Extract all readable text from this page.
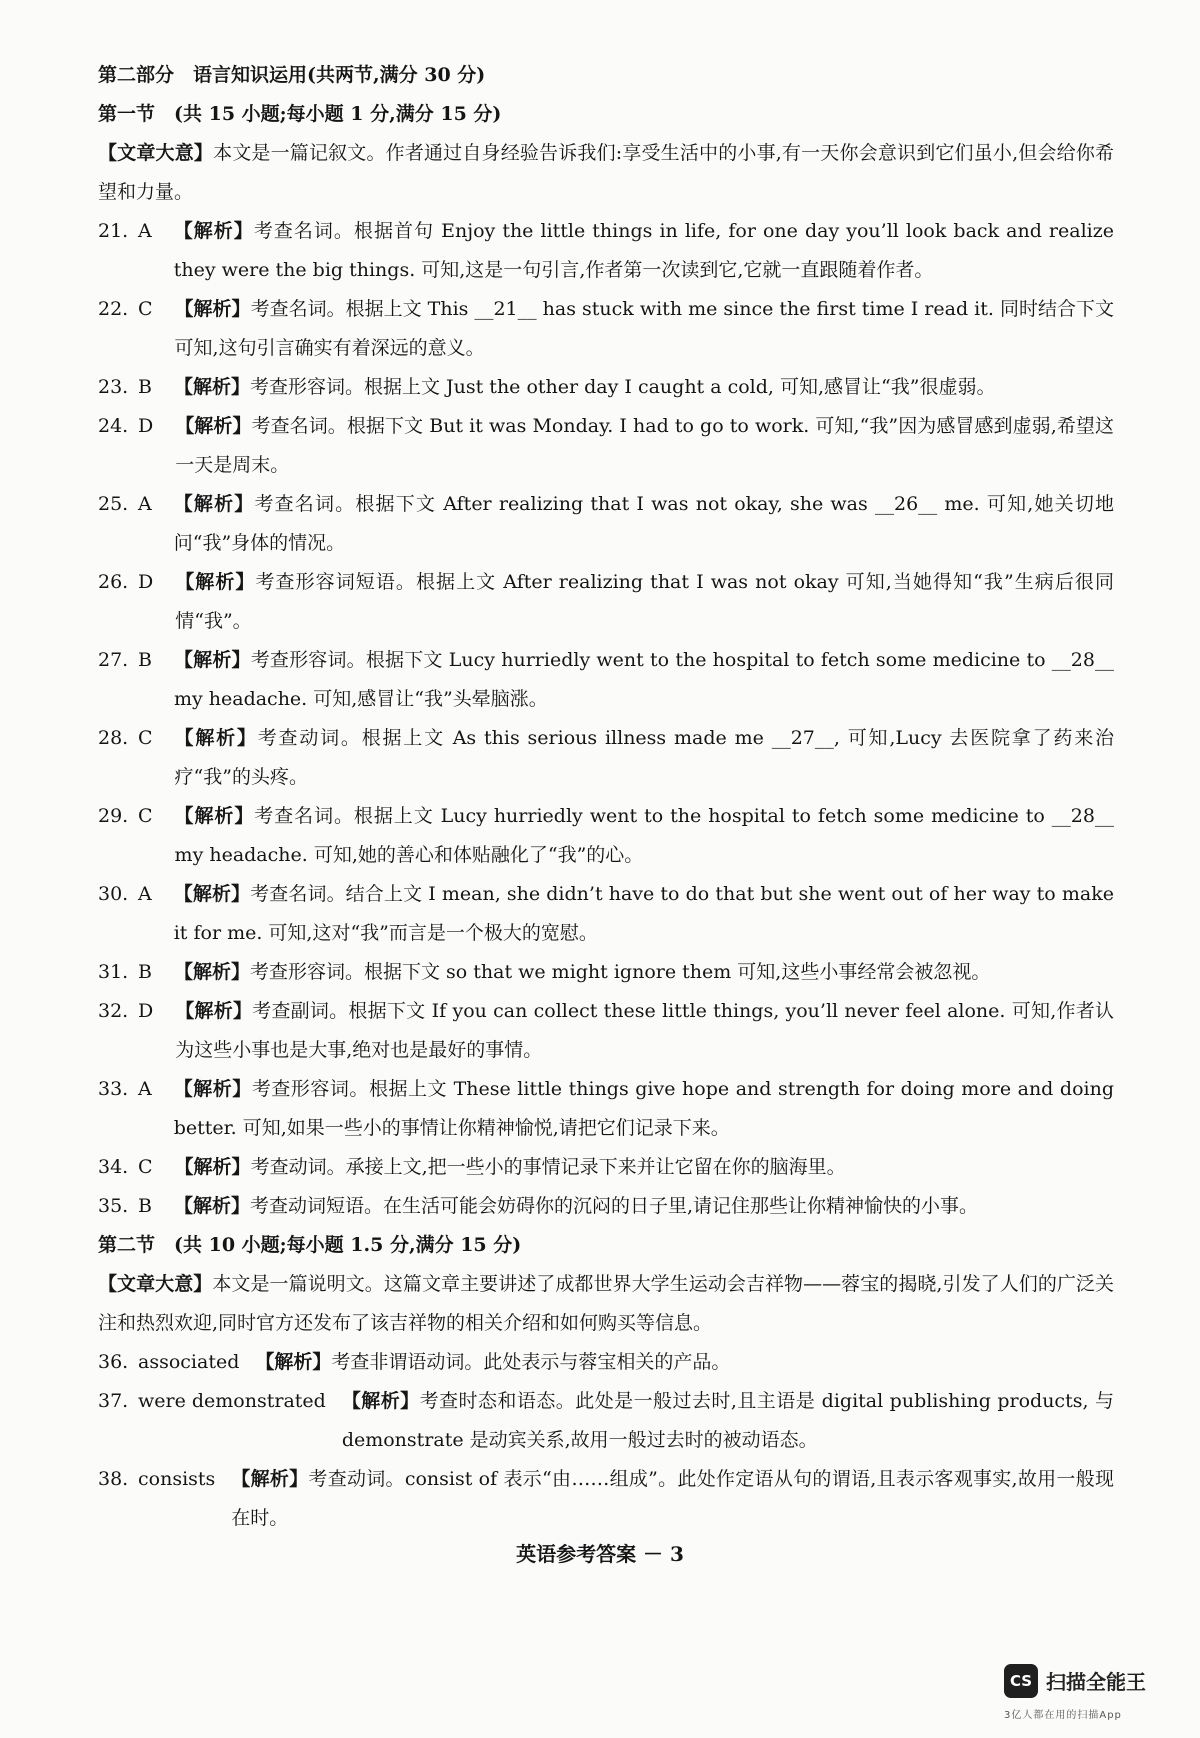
第二部分　语言知识运用(共两节,满分 30 分)
第一节　(共 15 小题;每小题 1 分,满分 15 分)
【文章大意】本文是一篇记叙文。作者通过自身经验告诉我们:享受生活中的小事,有一天你会意识到它们虽小,但会给你希望和力量。
21. A 【解析】考查名词。根据首句 Enjoy the little things in life, for one day you’ll look back and realize they were the big things. 可知,这是一句引言,作者第一次读到它,它就一直跟随着作者。
22. C 【解析】考查名词。根据上文 This __21__ has stuck with me since the first time I read it. 同时结合下文可知,这句引言确实有着深远的意义。
23. B 【解析】考查形容词。根据上文 Just the other day I caught a cold, 可知,感冒让“我”很虚弱。
24. D 【解析】考查名词。根据下文 But it was Monday. I had to go to work. 可知,“我”因为感冒感到虚弱,希望这一天是周末。
25. A 【解析】考查名词。根据下文 After realizing that I was not okay, she was __26__ me. 可知,她关切地问“我”身体的情况。
26. D 【解析】考查形容词短语。根据上文 After realizing that I was not okay 可知,当她得知“我”生病后很同情“我”。
27. B 【解析】考查形容词。根据下文 Lucy hurriedly went to the hospital to fetch some medicine to __28__ my headache. 可知,感冒让“我”头晕脑涨。
28. C 【解析】考查动词。根据上文 As this serious illness made me __27__, 可知,Lucy 去医院拿了药来治疗“我”的头疼。
29. C 【解析】考查名词。根据上文 Lucy hurriedly went to the hospital to fetch some medicine to __28__ my headache. 可知,她的善心和体贴融化了“我”的心。
30. A 【解析】考查名词。结合上文 I mean, she didn’t have to do that but she went out of her way to make it for me. 可知,这对“我”而言是一个极大的宽慰。
31. B 【解析】考查形容词。根据下文 so that we might ignore them 可知,这些小事经常会被忽视。
32. D 【解析】考查副词。根据下文 If you can collect these little things, you’ll never feel alone. 可知,作者认为这些小事也是大事,绝对也是最好的事情。
33. A 【解析】考查形容词。根据上文 These little things give hope and strength for doing more and doing better. 可知,如果一些小的事情让你精神愉悦,请把它们记录下来。
34. C 【解析】考查动词。承接上文,把一些小的事情记录下来并让它留在你的脑海里。
35. B 【解析】考查动词短语。在生活可能会妨碍你的沉闷的日子里,请记住那些让你精神愉快的小事。
第二节　(共 10 小题;每小题 1.5 分,满分 15 分)
【文章大意】本文是一篇说明文。这篇文章主要讲述了成都世界大学生运动会吉祥物——蓉宝的揭晓,引发了人们的广泛关注和热烈欢迎,同时官方还发布了该吉祥物的相关介绍和如何购买等信息。
36. associated 【解析】考查非谓语动词。此处表示与蓉宝相关的产品。
37. were demonstrated 【解析】考查时态和语态。此处是一般过去时,且主语是 digital publishing products, 与 demonstrate 是动宾关系,故用一般过去时的被动语态。
38. consists 【解析】考查动词。consist of 表示“由……组成”。此处作定语从句的谓语,且表示客观事实,故用一般现在时。
英语参考答案 － 3
CS 扫描全能王
3亿人都在用的扫描App
